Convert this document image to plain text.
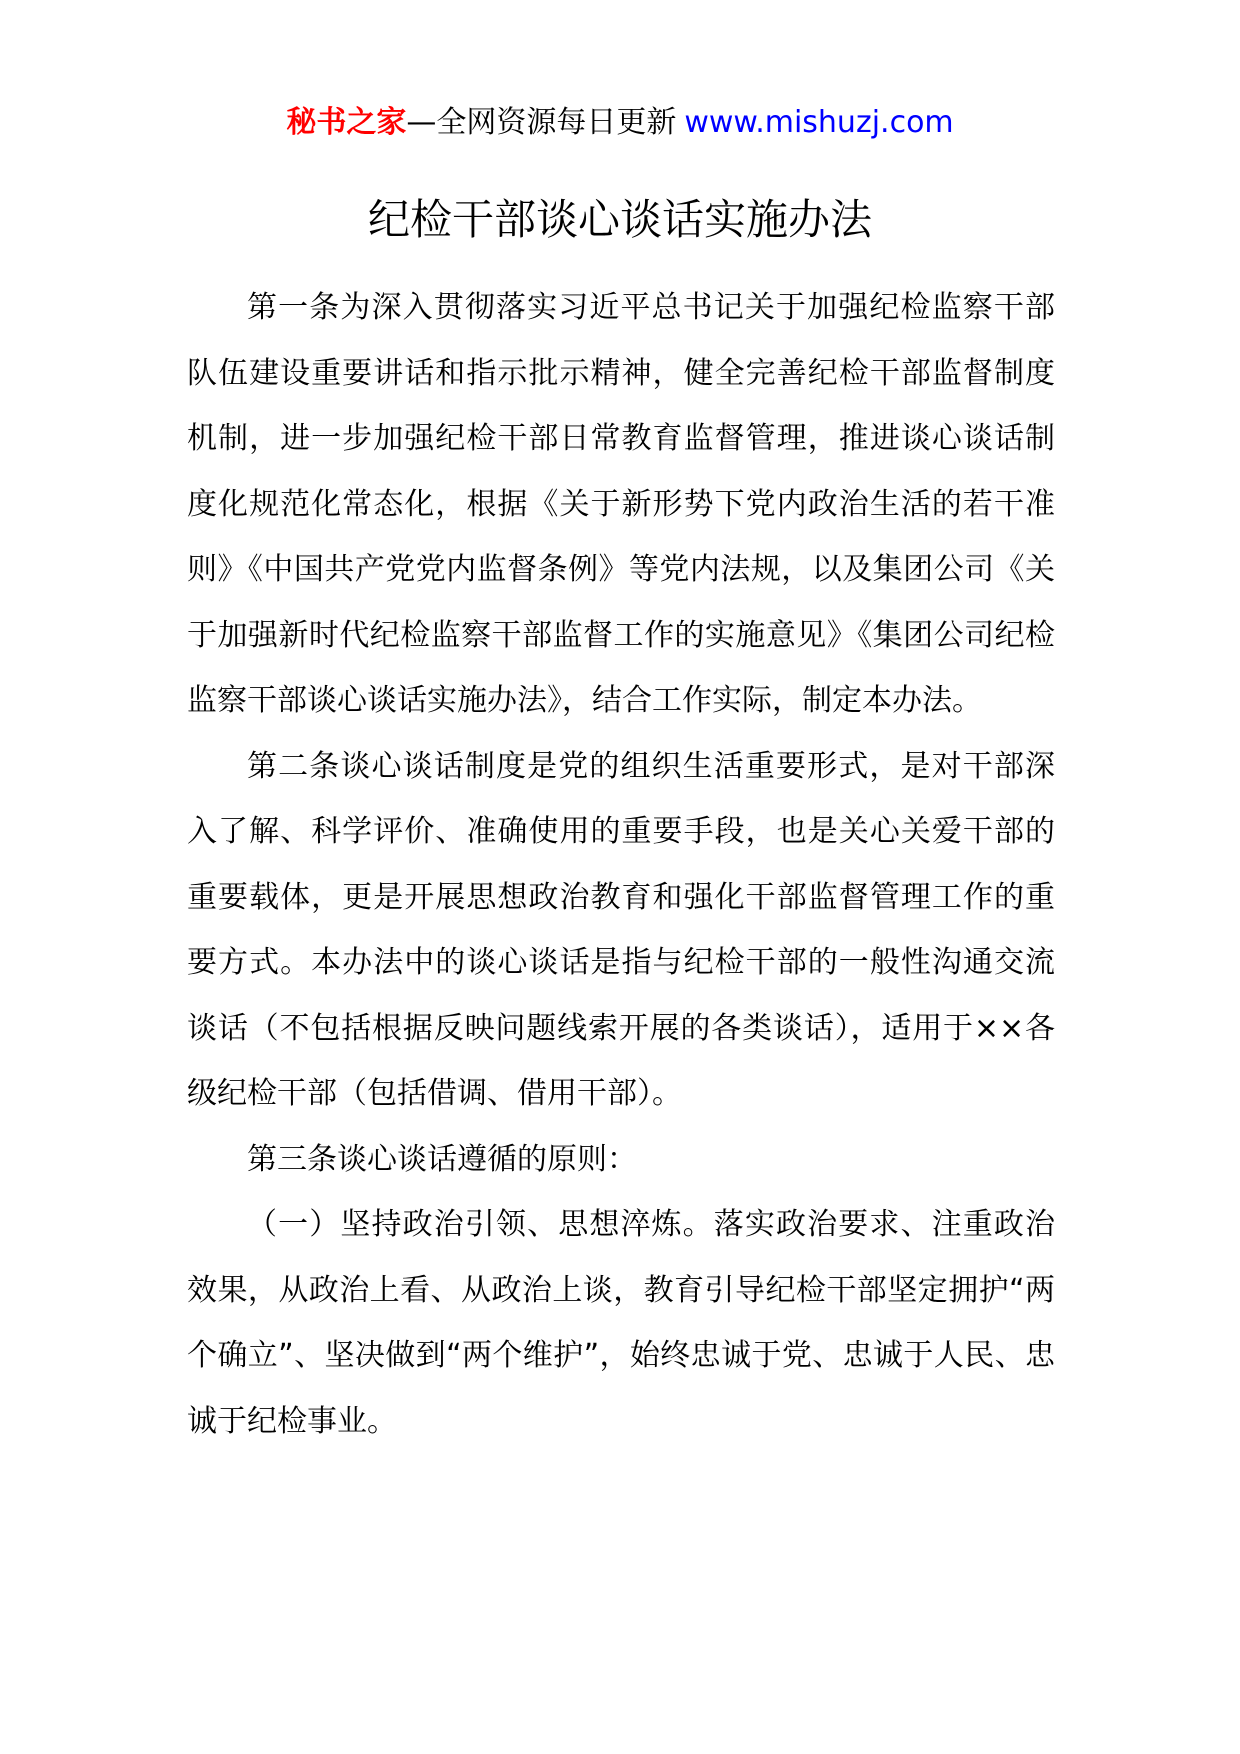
秘书之家—全网资源每日更新 www.mishuzj.com
纪检干部谈心谈话实施办法

第一条为深入贯彻落实习近平总书记关于加强纪检监察干部队伍建设重要讲话和指示批示精神，健全完善纪检干部监督制度机制，进一步加强纪检干部日常教育监督管理，推进谈心谈话制度化规范化常态化，根据《关于新形势下党内政治生活的若干准则》《中国共产党党内监督条例》等党内法规，以及集团公司《关于加强新时代纪检监察干部监督工作的实施意见》《集团公司纪检监察干部谈心谈话实施办法》，结合工作实际，制定本办法。

第二条谈心谈话制度是党的组织生活重要形式，是对干部深入了解、科学评价、准确使用的重要手段，也是关心关爱干部的重要载体，更是开展思想政治教育和强化干部监督管理工作的重要方式。本办法中的谈心谈话是指与纪检干部的一般性沟通交流谈话（不包括根据反映问题线索开展的各类谈话），适用于××各级纪检干部（包括借调、借用干部）。

第三条谈心谈话遵循的原则：

（一）坚持政治引领、思想淬炼。落实政治要求、注重政治效果，从政治上看、从政治上谈，教育引导纪检干部坚定拥护“两个确立”、坚决做到“两个维护”，始终忠诚于党、忠诚于人民、忠诚于纪检事业。
